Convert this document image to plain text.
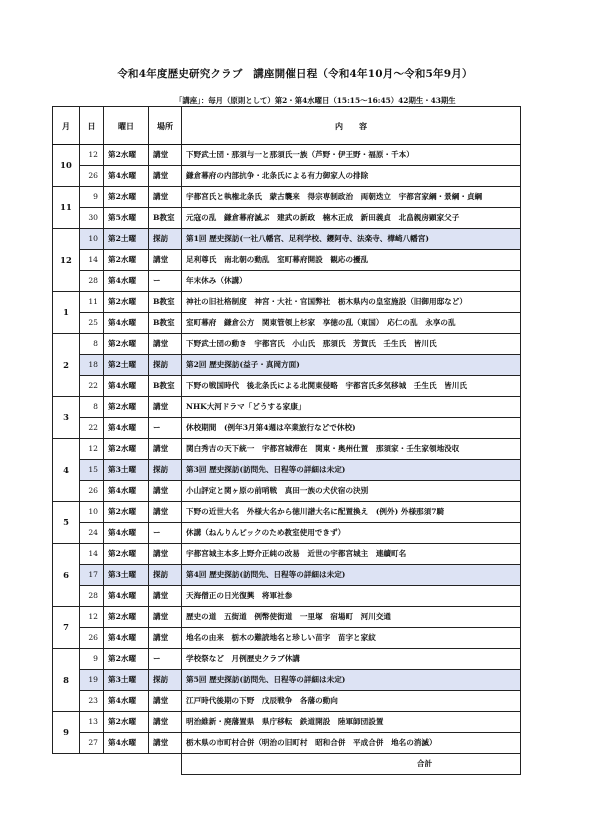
令和4年度歴史研究クラブ　講座開催日程（令和4年10月～令和5年9月）
「講座」：毎月（原則として）第2・第4水曜日（15:15～16:45）42期生・43期生
月	日	曜日	場所	内　　容
10	12	第2水曜	講堂	下野武士団・那須与一と那須氏一族（芦野・伊王野・福原・千本）
	26	第4水曜	講堂	鎌倉幕府の内部抗争・北条氏による有力御家人の排除
11	9	第2水曜	講堂	宇都宮氏と執権北条氏　蒙古襲来　得宗専制政治　両朝迭立　宇都宮家綱・景綱・貞綱
	30	第5水曜	B教室	元寇の乱　鎌倉幕府滅ぶ　建武の新政　楠木正成　新田義貞　北畠親房顕家父子
12	10	第2土曜	探訪	第1回 歴史探訪(一社八幡宮、足利学校、鑁阿寺、法楽寺、樺崎八幡宮)
	14	第2水曜	講堂	足利尊氏　南北朝の動乱　室町幕府開設　観応の擾乱
	28	第4水曜	ー	年末休み（休講）
1	11	第2水曜	B教室	神社の旧社格制度　神宮・大社・官国弊社　栃木県内の皇室施設（旧御用邸など）
	25	第4水曜	B教室	室町幕府　鎌倉公方　関東管領上杉家　享徳の乱（東国）　応仁の乱　永享の乱
2	8	第2水曜	講堂	下野武士団の動き　宇都宮氏　小山氏　那須氏　芳賀氏　壬生氏　皆川氏
	18	第2土曜	探訪	第2回 歴史探訪(益子・真岡方面)
	22	第4水曜	B教室	下野の戦国時代　後北条氏による北関東侵略　宇都宮氏多気移城　壬生氏　皆川氏
3	8	第2水曜	講堂	NHK大河ドラマ「どうする家康」
	22	第4水曜	ー	休校期間　(例年3月第4週は卒業旅行などで休校)
4	12	第2水曜	講堂	関白秀吉の天下統一　宇都宮城滞在　関東・奥州仕置　那須家・壬生家領地没収
	15	第3土曜	探訪	第3回 歴史探訪(訪問先、日程等の詳細は未定)
	26	第4水曜	講堂	小山評定と関ヶ原の前哨戦　真田一族の犬伏宿の決別
5	10	第2水曜	講堂	下野の近世大名　外様大名から徳川譜大名に配置換え　(例外) 外様那須7騎
	24	第4水曜	ー	休講（ねんりんピックのため教室使用できず）
6	14	第2水曜	講堂	宇都宮城主本多上野介正純の改易　近世の宇都宮城主　連續町名
	17	第3土曜	探訪	第4回 歴史探訪(訪問先、日程等の詳細は未定)
	28	第4水曜	講堂	天海僧正の日光復興　将軍社参
7	12	第2水曜	講堂	歴史の道　五街道　例幣使街道　一里塚　宿場町　河川交通
	26	第4水曜	講堂	地名の由来　栃木の難読地名と珍しい苗字　苗字と家紋
8	9	第2水曜	ー	学校祭など　月例歴史クラブ休講
	19	第3土曜	探訪	第5回 歴史探訪(訪問先、日程等の詳細は未定)
	23	第4水曜	講堂	江戸時代後期の下野　戊辰戦争　各藩の動向
9	13	第2水曜	講堂	明治維新・廃藩置県　県庁移転　鉄道開設　陸軍師団設置
	27	第4水曜	講堂	栃木県の市町村合併（明治の旧町村　昭和合併　平成合併　地名の消滅）
				合計
